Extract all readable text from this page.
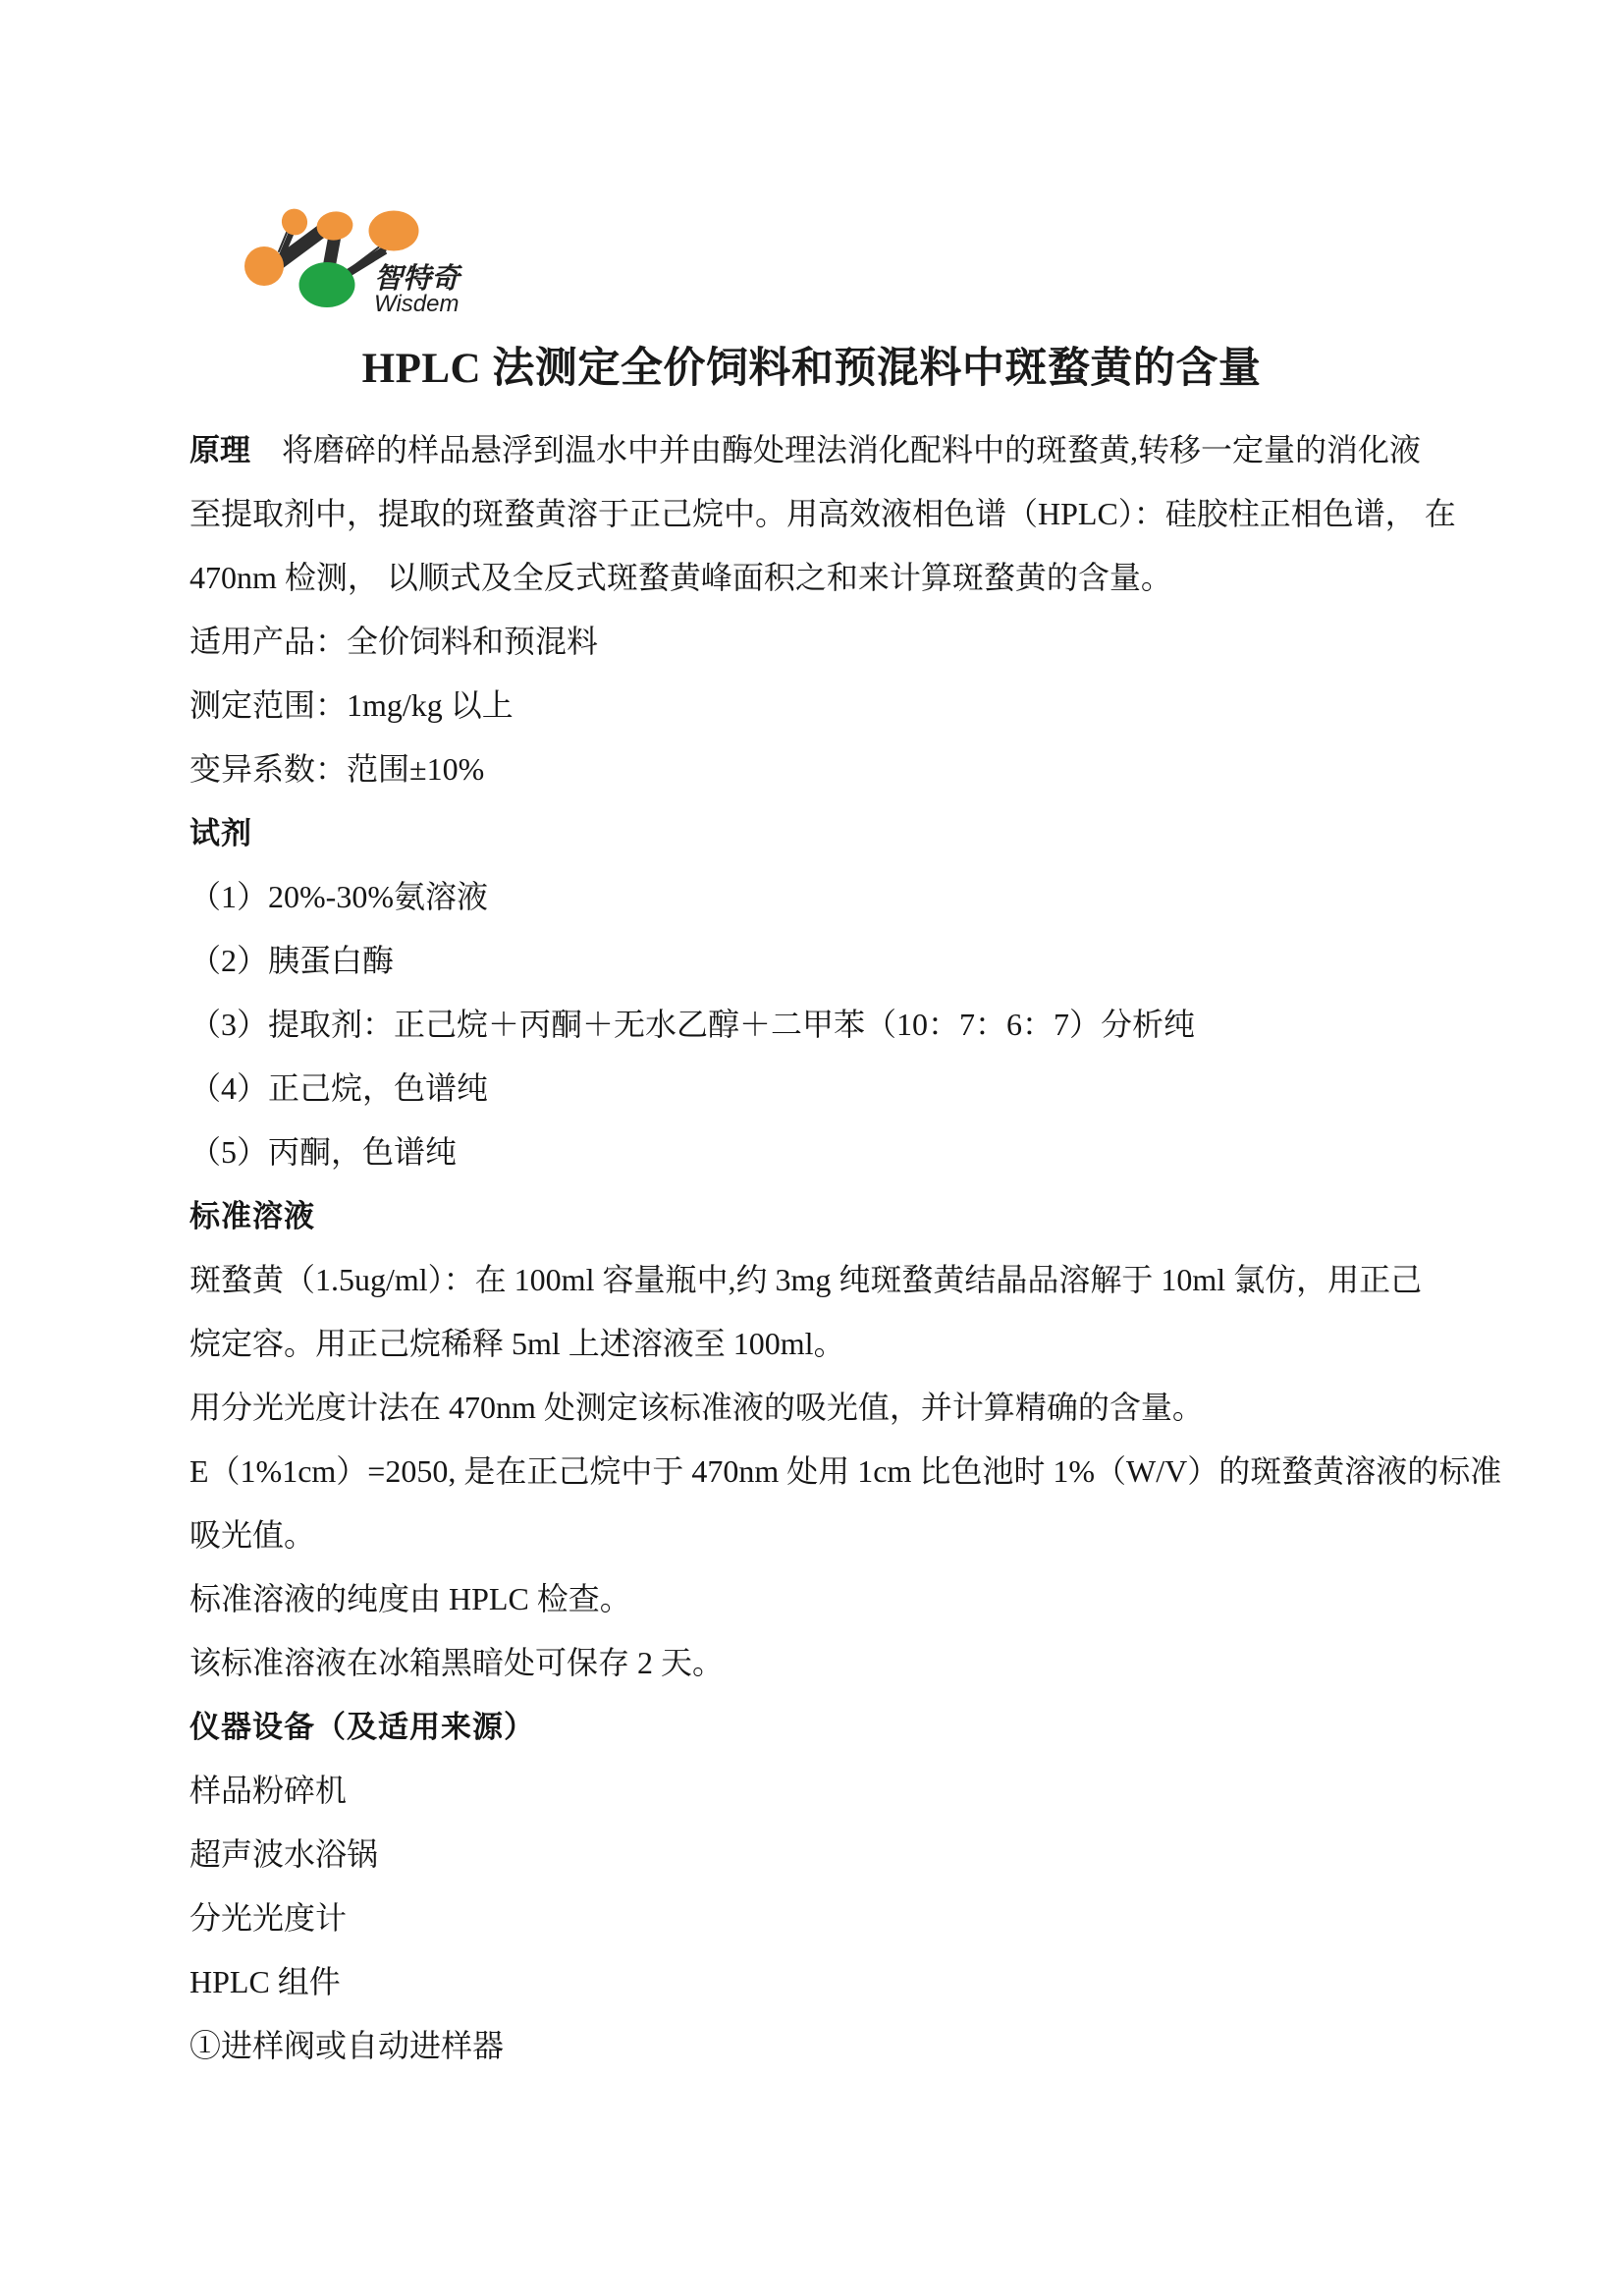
智特奇
Wisdem
HPLC 法测定全价饲料和预混料中斑蝥黄的含量
原理　将磨碎的样品悬浮到温水中并由酶处理法消化配料中的斑蝥黄,转移一定量的消化液
至提取剂中，提取的斑蝥黄溶于正己烷中。用高效液相色谱（HPLC）：硅胶柱正相色谱， 在
470nm 检测， 以顺式及全反式斑蝥黄峰面积之和来计算斑蝥黄的含量。
适用产品：全价饲料和预混料
测定范围：1mg/kg 以上
变异系数：范围±10%
试剂
（1）20%-30%氨溶液
（2）胰蛋白酶
（3）提取剂：正己烷＋丙酮＋无水乙醇＋二甲苯（10：7：6：7）分析纯
（4）正己烷，色谱纯
（5）丙酮，色谱纯
标准溶液
斑蝥黄（1.5ug/ml）：在 100ml 容量瓶中,约 3mg 纯斑蝥黄结晶品溶解于 10ml 氯仿，用正己
烷定容。用正己烷稀释 5ml 上述溶液至 100ml。
用分光光度计法在 470nm 处测定该标准液的吸光值，并计算精确的含量。
E（1%1cm）=2050, 是在正己烷中于 470nm 处用 1cm 比色池时 1%（W/V）的斑蝥黄溶液的标准
吸光值。
标准溶液的纯度由 HPLC 检查。
该标准溶液在冰箱黑暗处可保存 2 天。
仪器设备（及适用来源）
样品粉碎机
超声波水浴锅
分光光度计
HPLC 组件
①进样阀或自动进样器
